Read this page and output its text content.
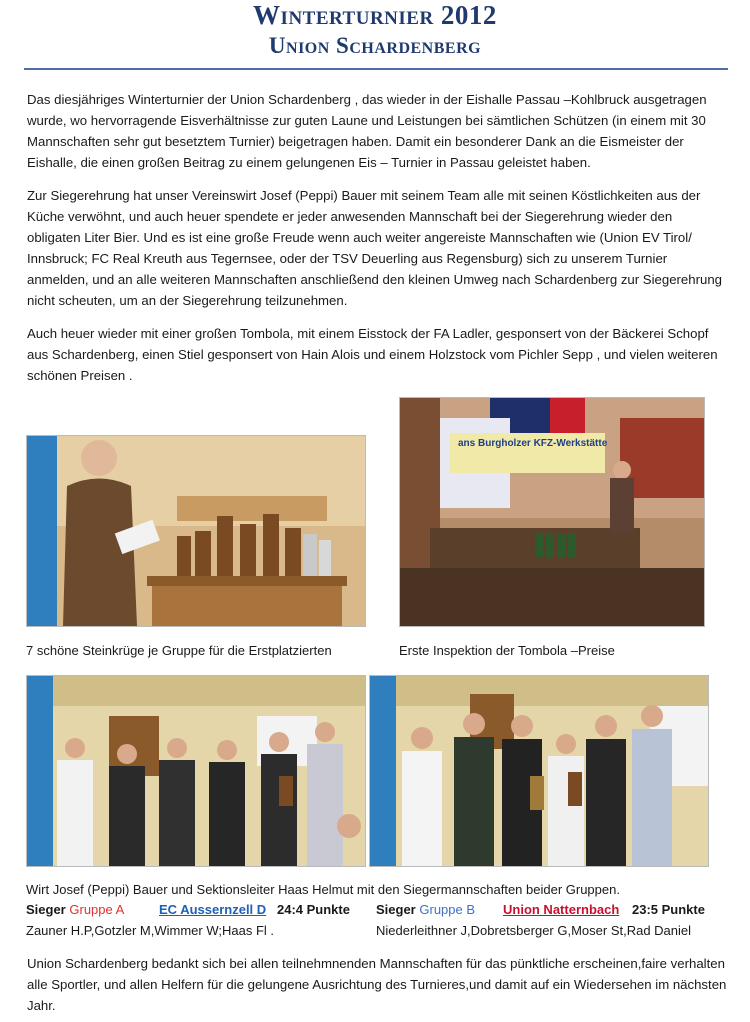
Winterturnier 2012
Union Schardenberg

Das diesjähriges Winterturnier der Union Schardenberg , das wieder in der Eishalle Passau –Kohlbruck ausgetragen wurde, wo hervorragende Eisverhältnisse zur guten Laune und Leistungen bei sämtlichen Schützen (in einem mit 30 Mannschaften sehr gut besetztem Turnier) beigetragen haben. Damit ein besonderer Dank an die Eismeister der Eishalle, die einen großen Beitrag zu einem gelungenen Eis – Turnier in Passau geleistet haben.

Zur Siegerehrung hat unser Vereinswirt Josef (Peppi) Bauer mit seinem Team alle mit seinen Köstlichkeiten aus der Küche verwöhnt, und auch heuer spendete er jeder anwesenden Mannschaft bei der Siegerehrung wieder den obligaten Liter Bier. Und es ist eine große Freude wenn auch weiter angereiste Mannschaften wie (Union EV Tirol/ Innsbruck; FC Real Kreuth aus Tegernsee, oder der TSV Deuerling aus Regensburg) sich zu unserem Turnier anmelden, und an alle weiteren Mannschaften anschließend den kleinen Umweg nach Schardenberg zur Siegerehrung nicht scheuten, um an der Siegerehrung teilzunehmen.

Auch heuer wieder mit einer großen Tombola, mit einem Eisstock der FA Ladler, gesponsert von der Bäckerei Schopf aus Schardenberg, einen Stiel gesponsert von Hain Alois und einem Holzstock vom Pichler Sepp , und vielen weiteren schönen Preisen .

ans Burgholzer KFZ-Werkstätte
7 schöne Steinkrüge je Gruppe für die Erstplatzierten	Erste Inspektion der Tombola –Preise
Wirt Josef (Peppi) Bauer und Sektionsleiter Haas Helmut mit den Siegermannschaften beider Gruppen.
Sieger Gruppe A	EC Aussernzell D 24:4 Punkte Sieger Gruppe B Union Natternbach 23:5 Punkte
Zauner H.P,Gotzler M,Wimmer W;Haas Fl .	Niederleithner J,Dobretsberger G,Moser St,Rad Daniel

Union Schardenberg bedankt sich bei allen teilnehmnenden Mannschaften für das pünktliche erscheinen,faire verhalten alle Sportler, und allen Helfern für die gelungene Ausrichtung des Turnieres,und damit auf ein Wiedersehen im nächsten Jahr.
